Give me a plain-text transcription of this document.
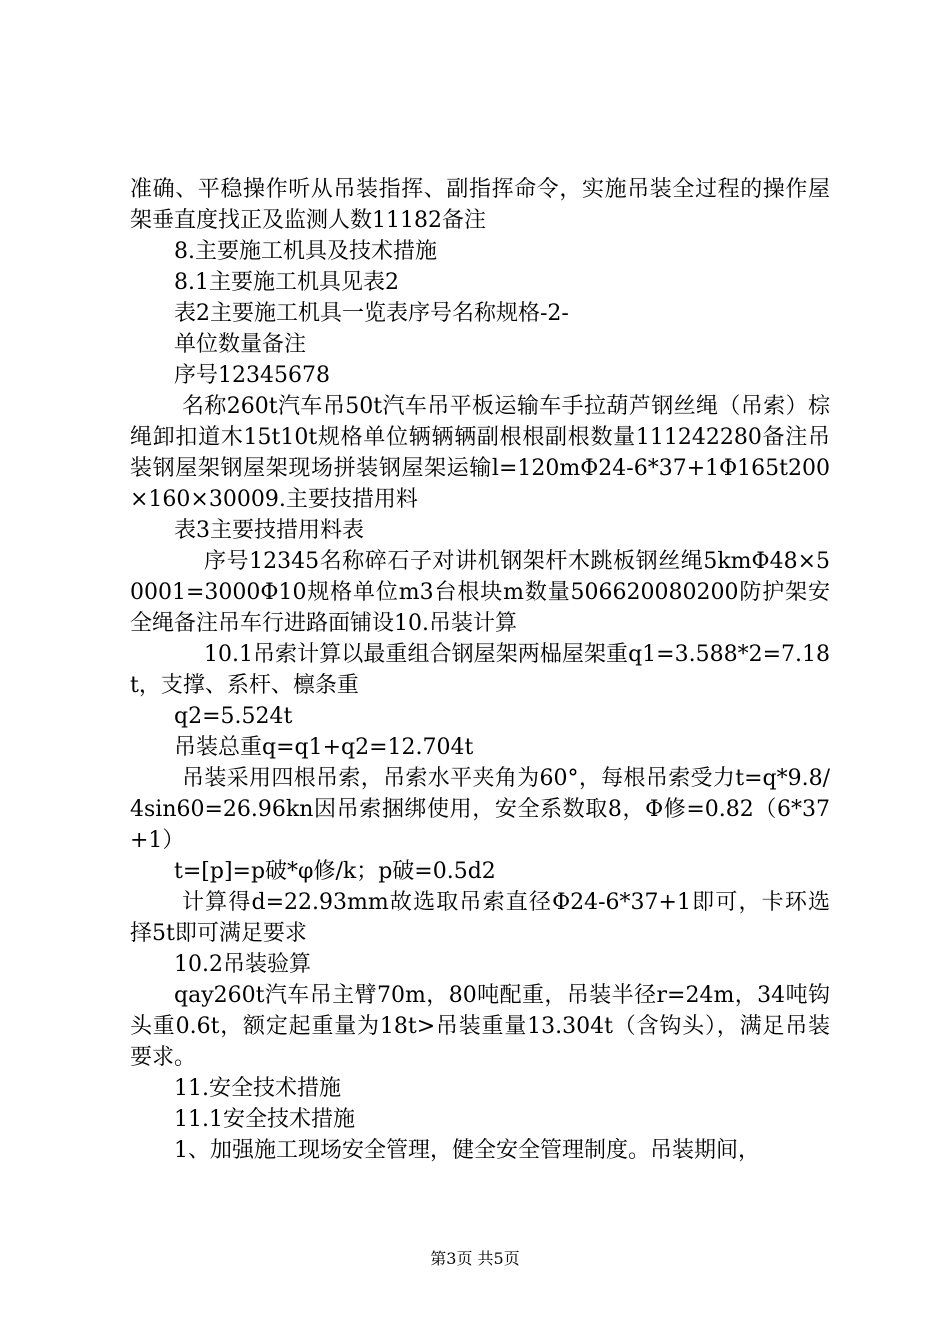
准确、平稳操作听从吊装指挥、副指挥命令，实施吊装全过程的操作屋架垂直度找正及监测人数11182备注

8.主要施工机具及技术措施

8.1主要施工机具见表2

表2主要施工机具一览表序号名称规格-2-

单位数量备注

序号12345678

名称260t汽车吊50t汽车吊平板运输车手拉葫芦钢丝绳（吊索）棕绳卸扣道木15t10t规格单位辆辆辆副根根副根数量111242280备注吊装钢屋架钢屋架现场拼装钢屋架运输l=120mΦ24-6*37+1Φ165t200×160×30009.主要技措用料

表3主要技措用料表

序号12345名称碎石子对讲机钢架杆木跳板钢丝绳5kmΦ48×50001=3000Φ10规格单位m3台根块m数量506620080200防护架安全绳备注吊车行进路面铺设10.吊装计算

10.1吊索计算以最重组合钢屋架两榀屋架重q1=3.588*2=7.18t，支撑、系杆、檩条重

q2=5.524t

吊装总重q=q1+q2=12.704t

吊装采用四根吊索，吊索水平夹角为60°，每根吊索受力t=q*9.8/4sin60=26.96kn因吊索捆绑使用，安全系数取8，Φ修=0.82（6*37+1）

t=[p]=p破*φ修/k；p破=0.5d2

计算得d=22.93mm故选取吊索直径Φ24-6*37+1即可，卡环选择5t即可满足要求

10.2吊装验算

qay260t汽车吊主臂70m，80吨配重，吊装半径r=24m，34吨钩头重0.6t，额定起重量为18t>吊装重量13.304t（含钩头），满足吊装要求。

11.安全技术措施

11.1安全技术措施

1、加强施工现场安全管理，健全安全管理制度。吊装期间，

第3页 共5页
